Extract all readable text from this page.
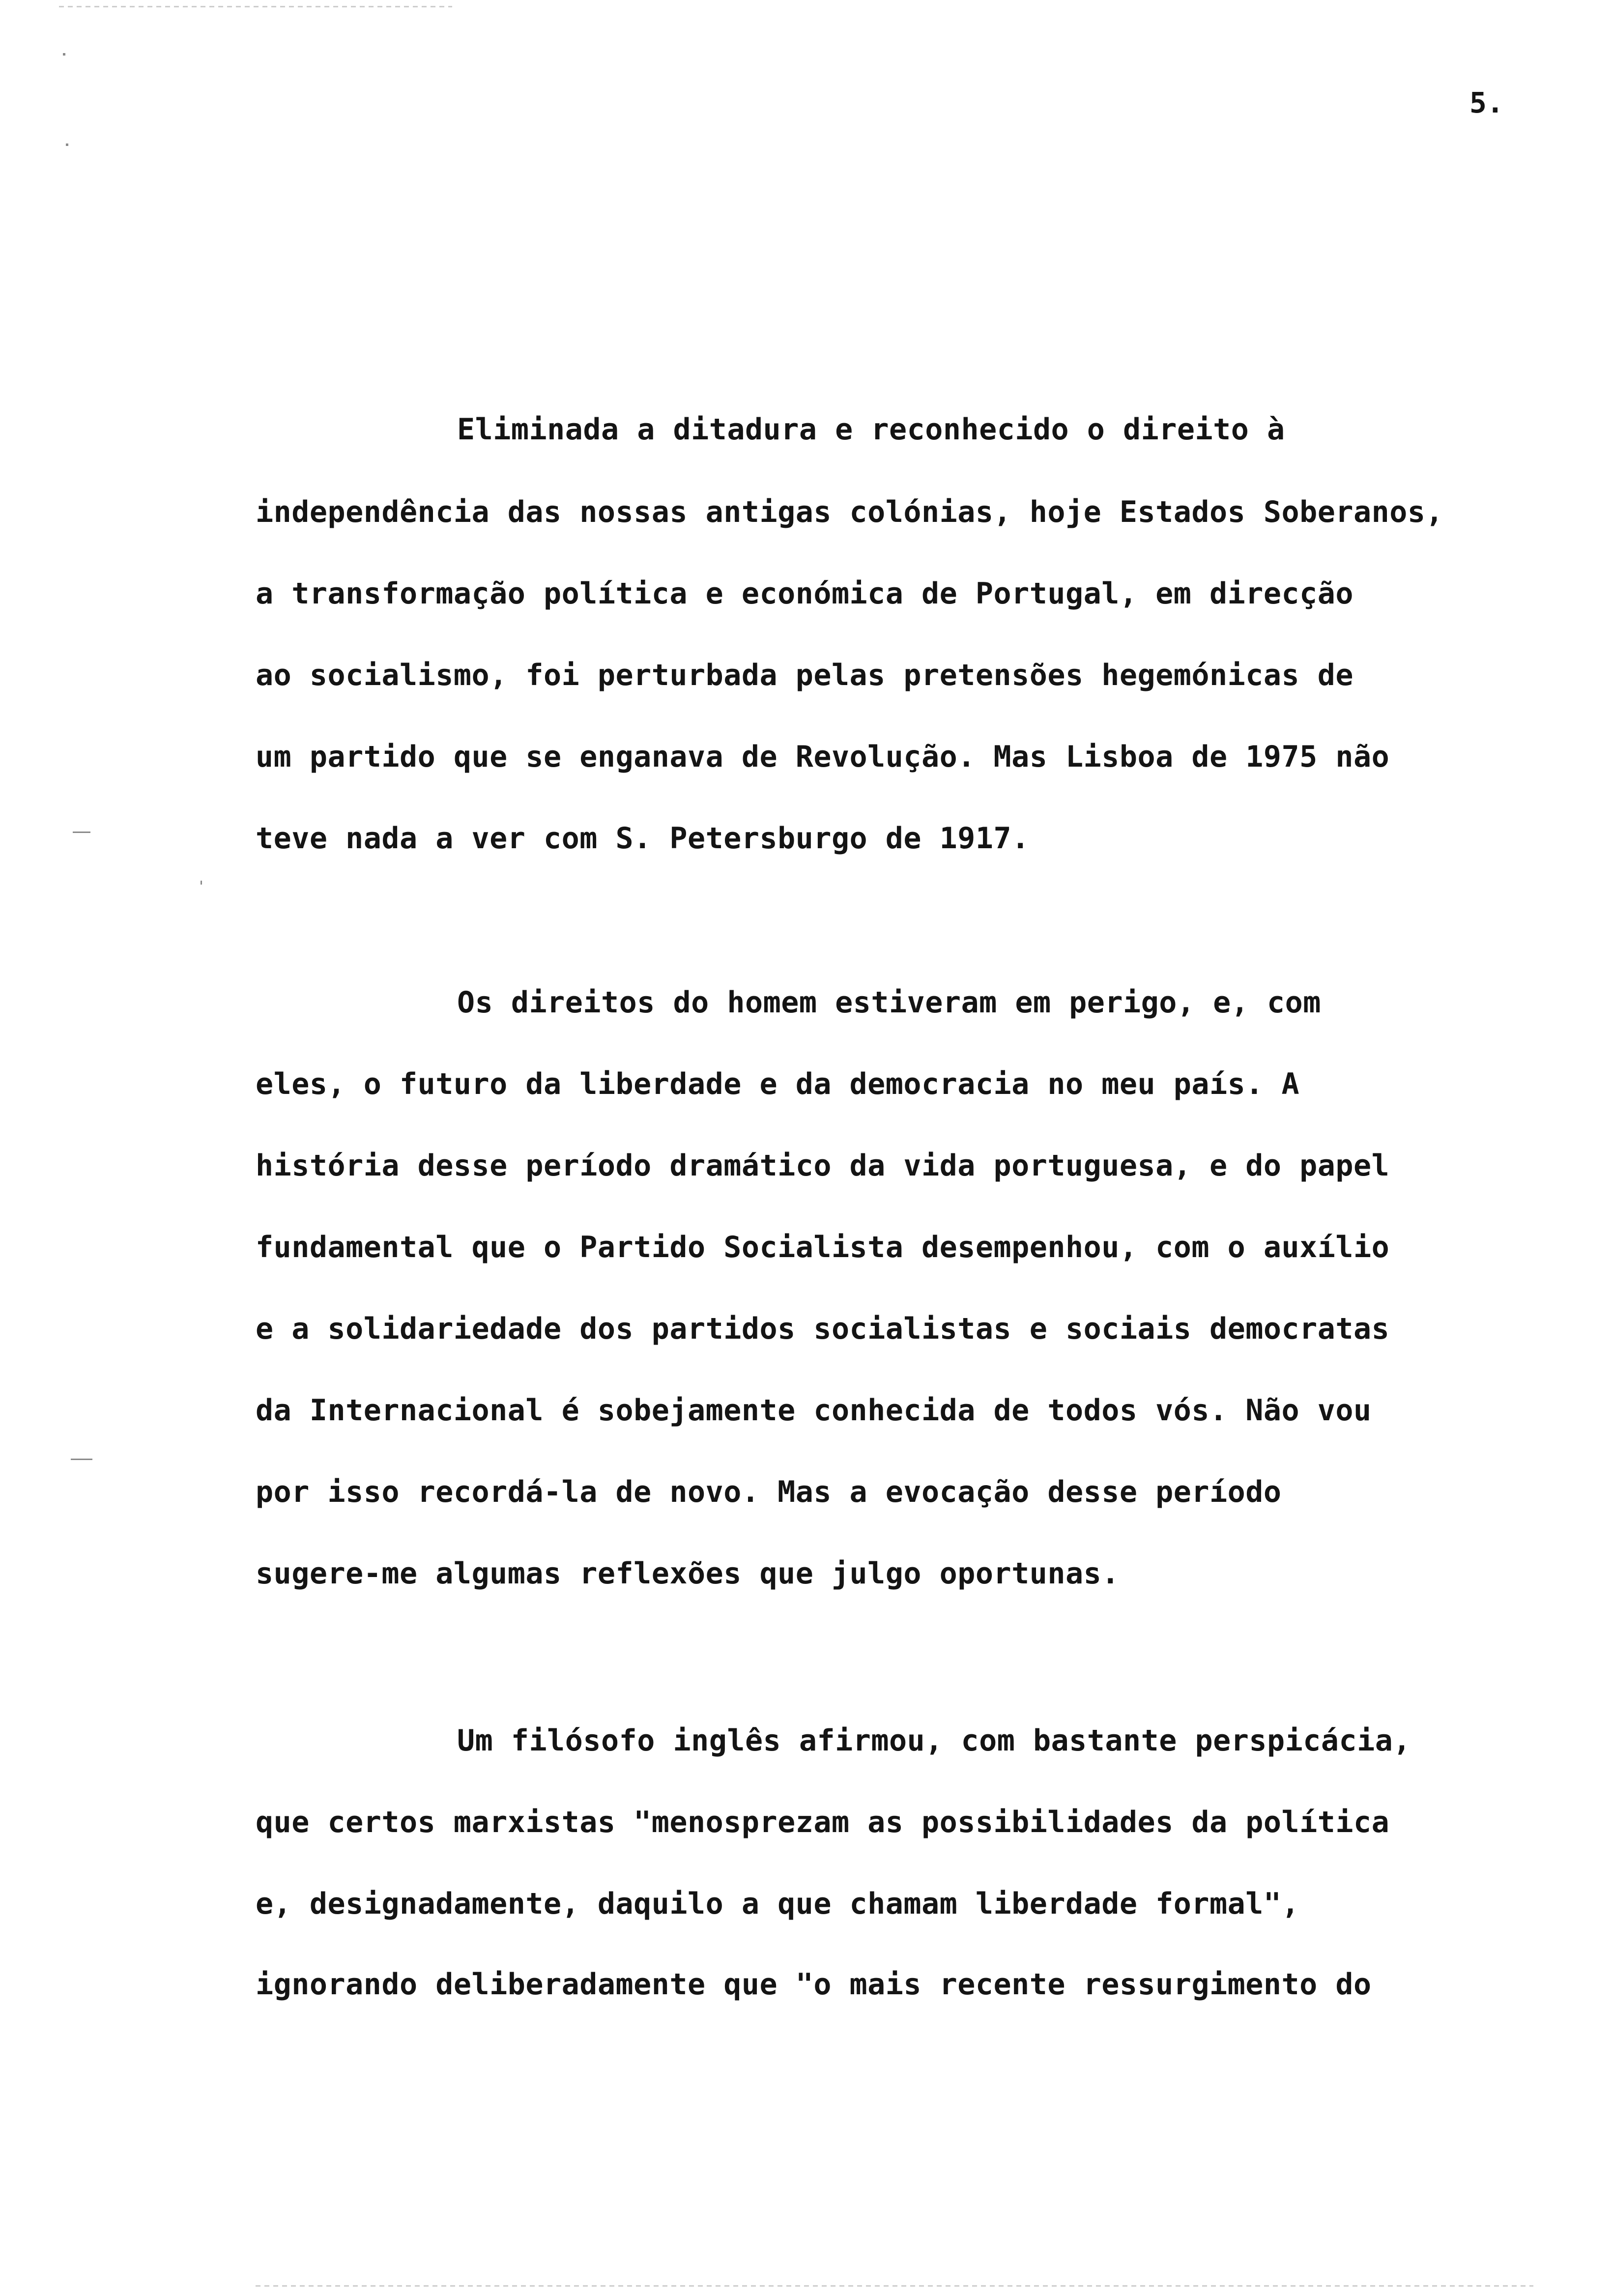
5.
Eliminada a ditadura e reconhecido o direito à
independência das nossas antigas colónias, hoje Estados Soberanos,
a transformação política e económica de Portugal, em direcção
ao socialismo, foi perturbada pelas pretensões hegemónicas de
um partido que se enganava de Revolução. Mas Lisboa de 1975 não
teve nada a ver com S. Petersburgo de 1917.
Os direitos do homem estiveram em perigo, e, com
eles, o futuro da liberdade e da democracia no meu país. A
história desse período dramático da vida portuguesa, e do papel
fundamental que o Partido Socialista desempenhou, com o auxílio
e a solidariedade dos partidos socialistas e sociais democratas
da Internacional é sobejamente conhecida de todos vós. Não vou
por isso recordá-la de novo. Mas a evocação desse período
sugere-me algumas reflexões que julgo oportunas.
Um filósofo inglês afirmou, com bastante perspicácia,
que certos marxistas "menosprezam as possibilidades da política
e, designadamente, daquilo a que chamam liberdade formal",
ignorando deliberadamente que "o mais recente ressurgimento do
